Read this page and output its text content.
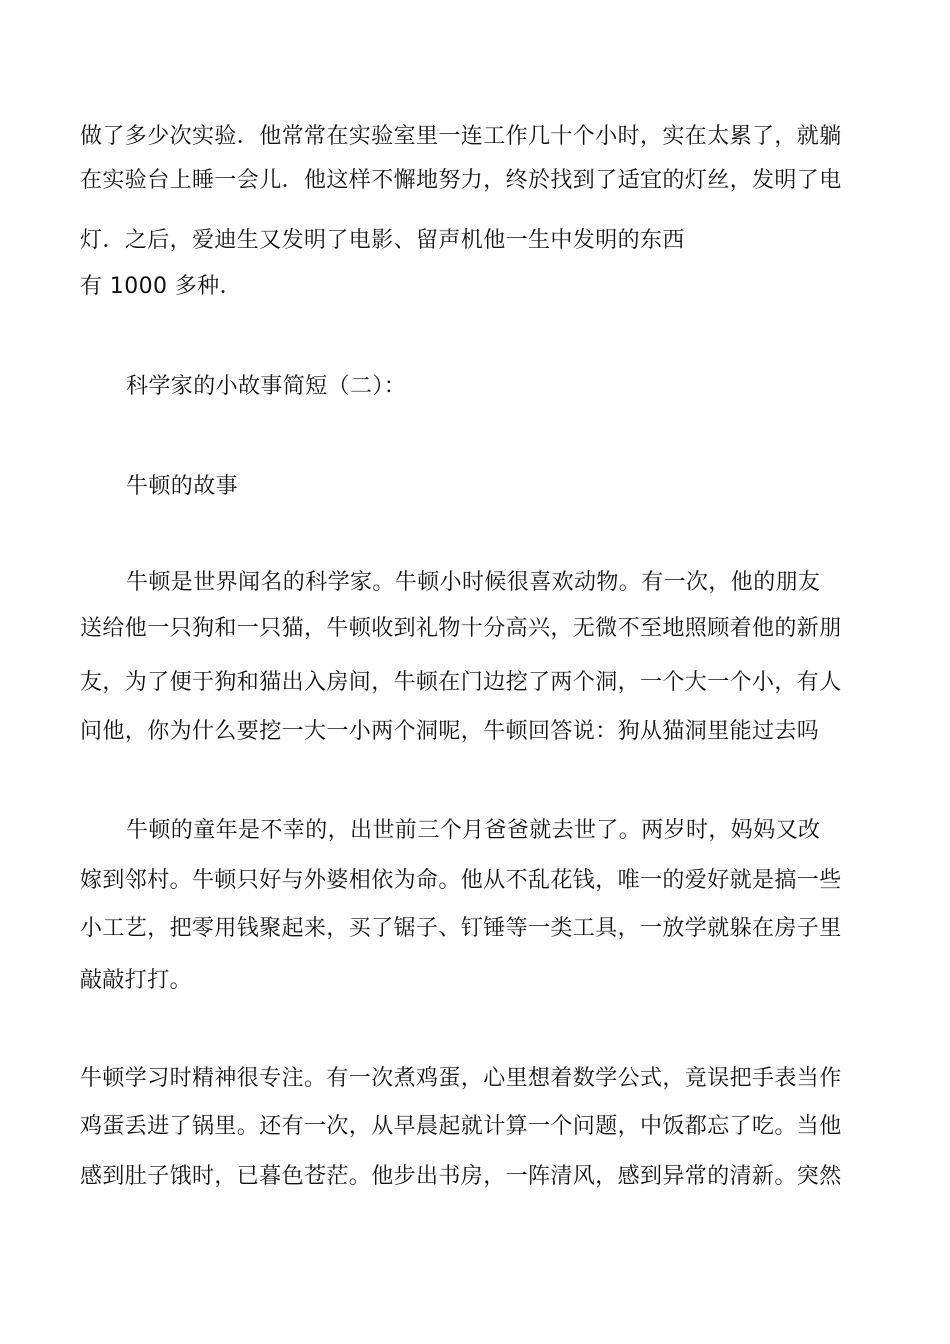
做了多少次实验．他常常在实验室里一连工作几十个小时，实在太累了，就躺
在实验台上睡一会儿．他这样不懈地努力，终於找到了适宜的灯丝，发明了电
灯．之后，爱迪生又发明了电影、留声机他一生中发明的东西
有 1000 多种．
科学家的小故事简短（二）：
牛顿的故事
牛顿是世界闻名的科学家。牛顿小时候很喜欢动物。有一次，他的朋友
送给他一只狗和一只猫，牛顿收到礼物十分高兴，无微不至地照顾着他的新朋
友，为了便于狗和猫出入房间，牛顿在门边挖了两个洞，一个大一个小，有人
问他，你为什么要挖一大一小两个洞呢，牛顿回答说：狗从猫洞里能过去吗
牛顿的童年是不幸的，出世前三个月爸爸就去世了。两岁时，妈妈又改
嫁到邻村。牛顿只好与外婆相依为命。他从不乱花钱，唯一的爱好就是搞一些
小工艺，把零用钱聚起来，买了锯子、钉锤等一类工具，一放学就躲在房子里
敲敲打打。
牛顿学习时精神很专注。有一次煮鸡蛋，心里想着数学公式，竟误把手表当作
鸡蛋丢进了锅里。还有一次，从早晨起就计算一个问题，中饭都忘了吃。当他
感到肚子饿时，已暮色苍茫。他步出书房，一阵清风，感到异常的清新。突然
